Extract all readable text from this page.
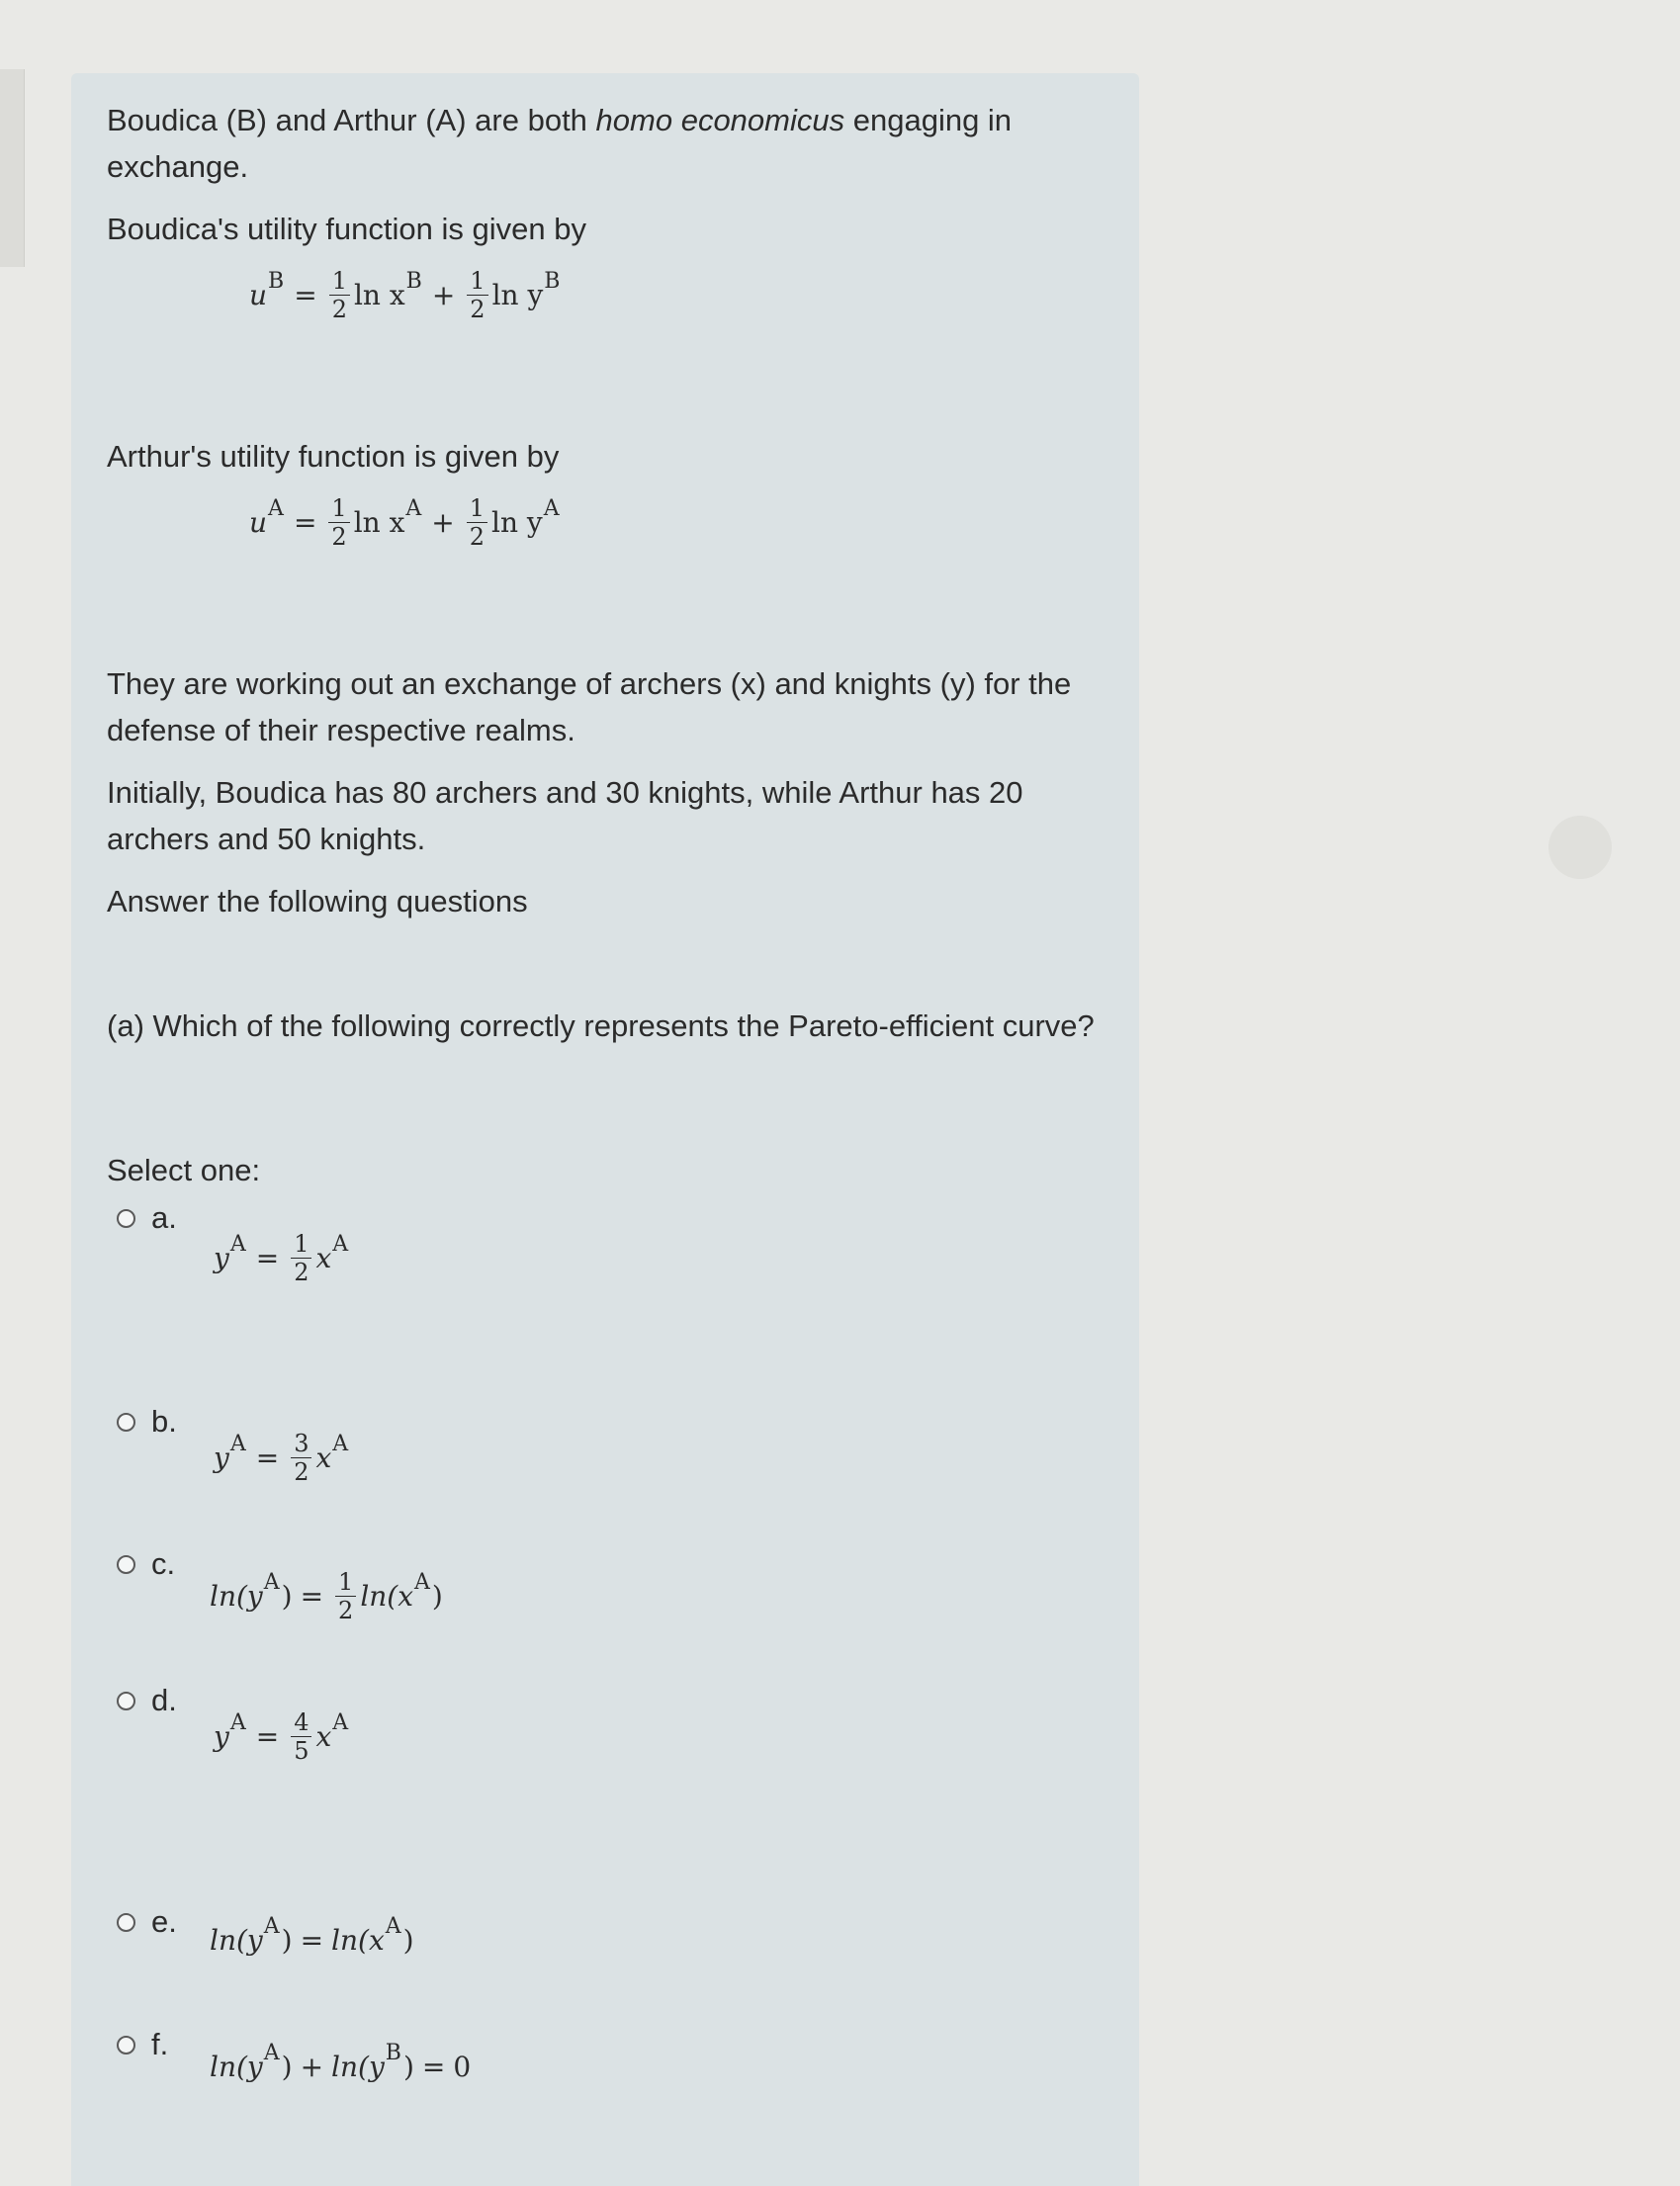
Boudica (B) and Arthur (A) are both homo economicus engaging in exchange.
Boudica's utility function is given by
u $B = \frac{1}{2}$ ln x $B + \frac{1}{2}$ ln y B
Arthur's utility function is given by
u $A = \frac{1}{2}$ ln x $A + \frac{1}{2}$ ln y A
They are working out an exchange of archers (x) and knights (y) for the defense of their respective realms.
Initially, Boudica has 80 archers and 30 knights, while Arthur has 20 archers and 50 knights.
Answer the following questions
(a) Which of the following correctly represents the Pareto-efficient curve?
Select one:
a.
y $A = \frac{1}{2}$ x A
b.
y $A = \frac{3}{2}$ x A
c.
ln(y A ) = $\frac{1}{2} \ln(x$ A )
d.
y $A = \frac{4}{5}$ x A
e.
ln(y A ) = ln(x A )
f.
ln(y A ) + ln(y B ) = 0
